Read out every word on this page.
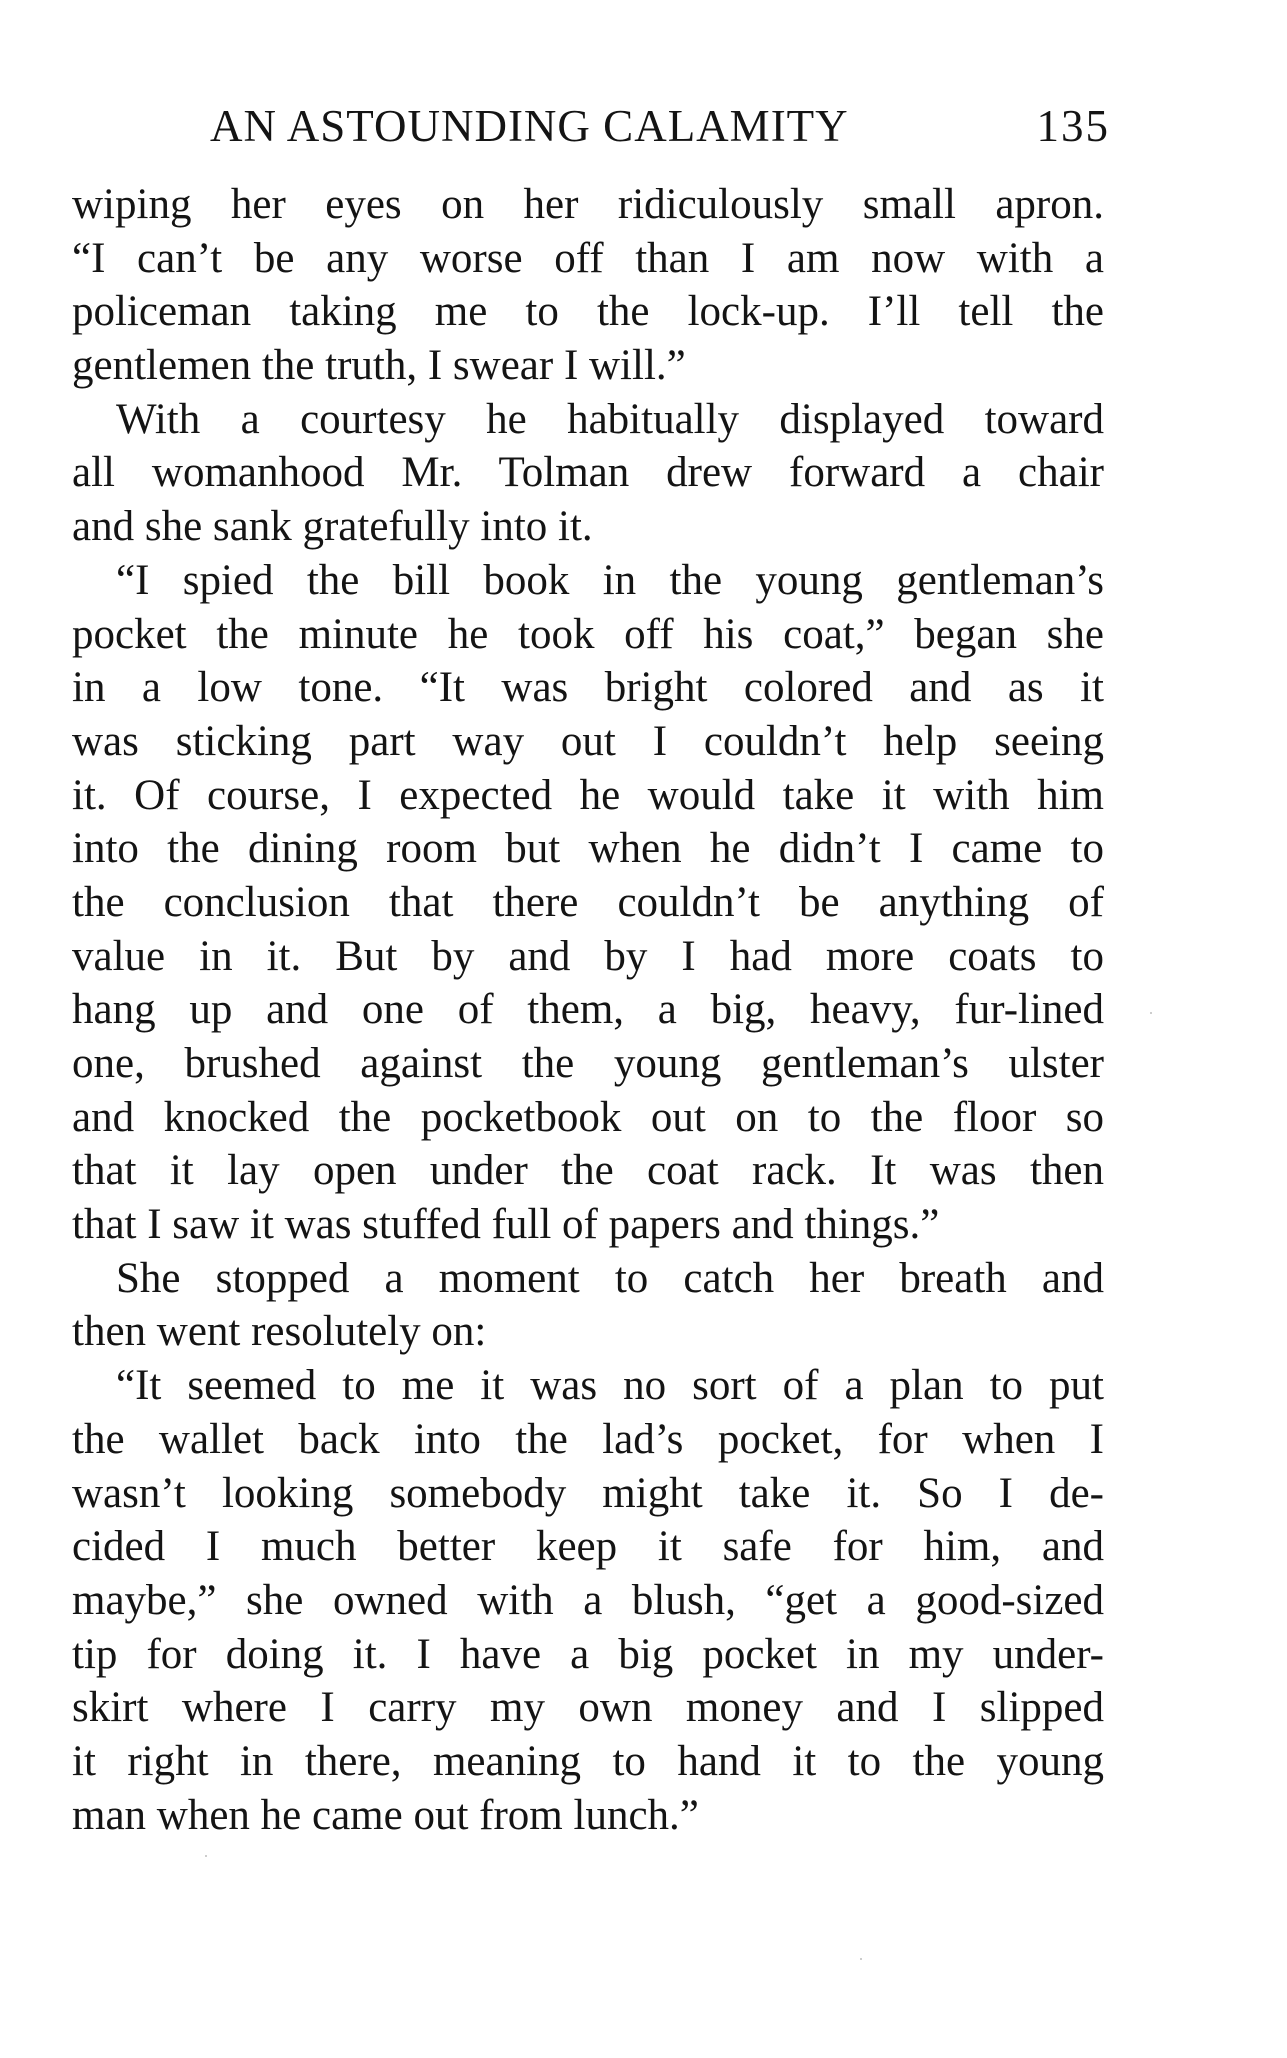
AN ASTOUNDING CALAMITY	135
wiping her eyes on her ridiculously small apron.
“I can’t be any worse off than I am now with a
policeman taking me to the lock-up. I’ll tell the
gentlemen the truth, I swear I will.”
With a courtesy he habitually displayed toward
all womanhood Mr. Tolman drew forward a chair
and she sank gratefully into it.
“I spied the bill book in the young gentleman’s
pocket the minute he took off his coat,” began she
in a low tone. “It was bright colored and as it
was sticking part way out I couldn’t help seeing
it. Of course, I expected he would take it with him
into the dining room but when he didn’t I came to
the conclusion that there couldn’t be anything of
value in it. But by and by I had more coats to
hang up and one of them, a big, heavy, fur-lined
one, brushed against the young gentleman’s ulster
and knocked the pocketbook out on to the floor so
that it lay open under the coat rack. It was then
that I saw it was stuffed full of papers and things.”
She stopped a moment to catch her breath and
then went resolutely on:
“It seemed to me it was no sort of a plan to put
the wallet back into the lad’s pocket, for when I
wasn’t looking somebody might take it. So I de-
cided I much better keep it safe for him, and
maybe,” she owned with a blush, “get a good-sized
tip for doing it. I have a big pocket in my under-
skirt where I carry my own money and I slipped
it right in there, meaning to hand it to the young
man when he came out from lunch.”
